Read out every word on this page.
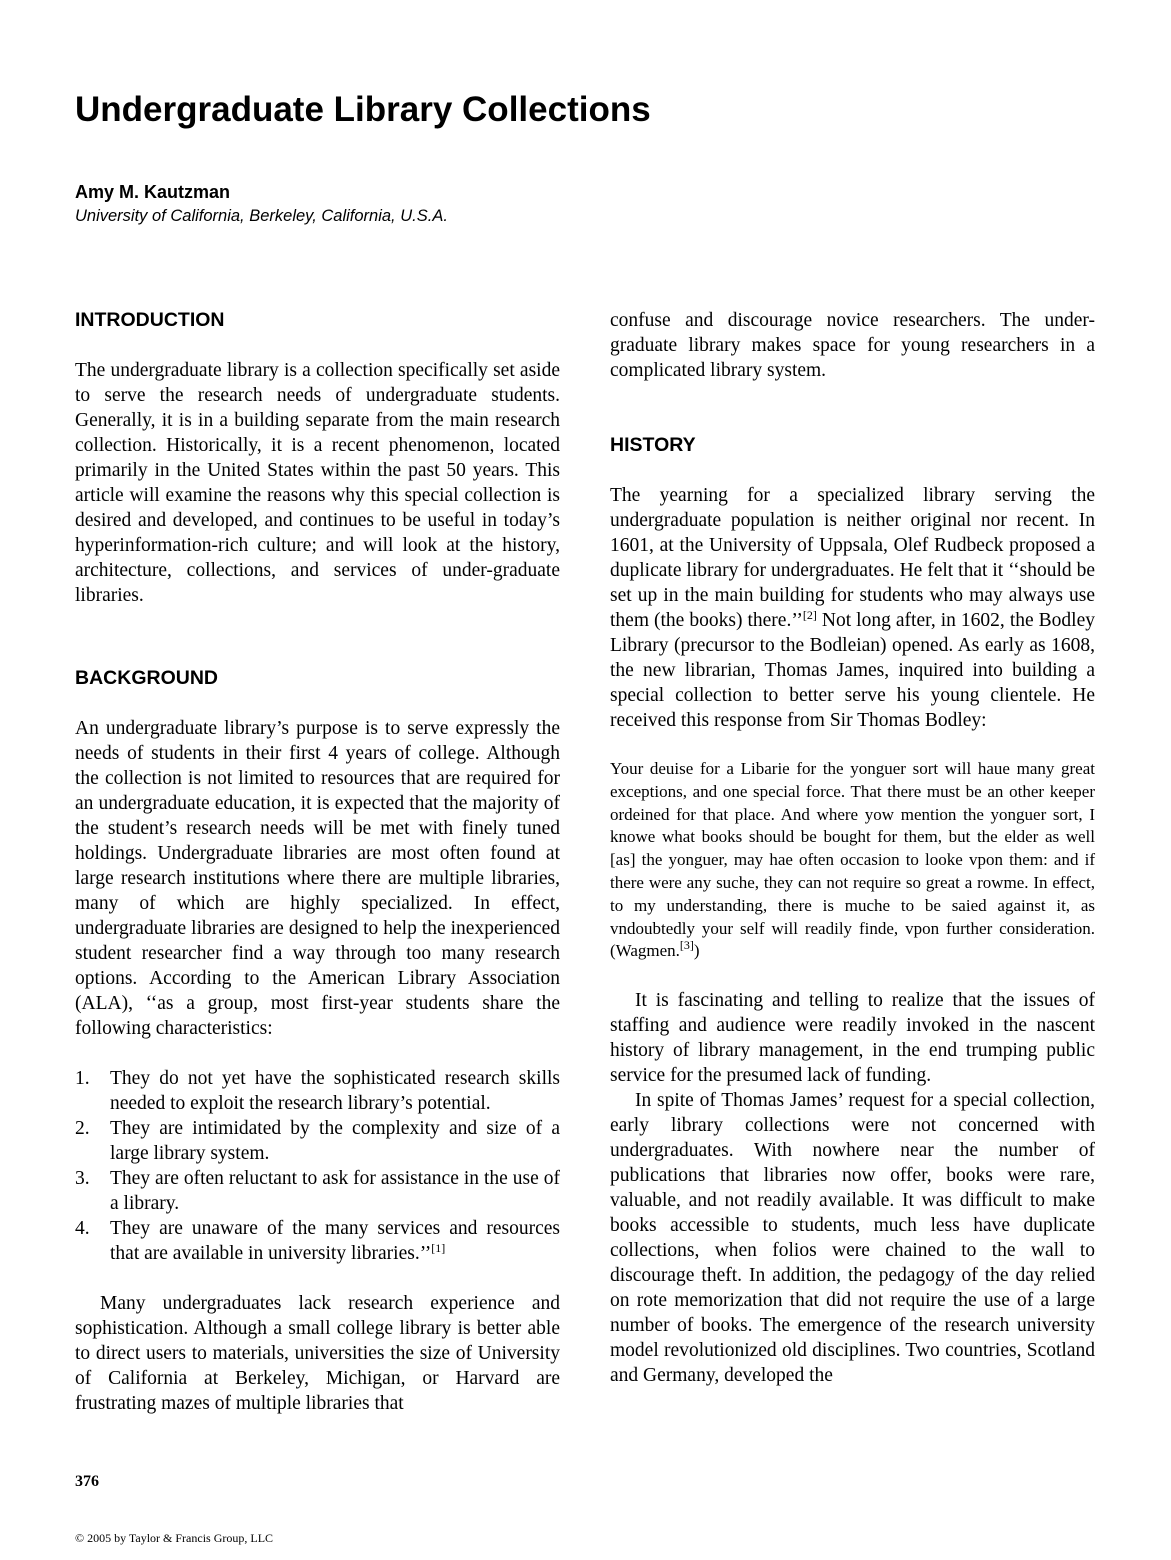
Undergraduate Library Collections
Amy M. Kautzman
University of California, Berkeley, California, U.S.A.
INTRODUCTION

The undergraduate library is a collection specifically set aside to serve the research needs of undergraduate students. Generally, it is in a building separate from the main research collection. Historically, it is a recent phenomenon, located primarily in the United States within the past 50 years. This article will examine the reasons why this special collection is desired and developed, and continues to be useful in today’s hyperinformation-rich culture; and will look at the history, architecture, collections, and services of under-graduate libraries.

BACKGROUND

An undergraduate library’s purpose is to serve expressly the needs of students in their first 4 years of college. Although the collection is not limited to resources that are required for an undergraduate education, it is expected that the majority of the student’s research needs will be met with finely tuned holdings. Undergraduate libraries are most often found at large research institutions where there are multiple libraries, many of which are highly specialized. In effect, undergraduate libraries are designed to help the inexperienced student researcher find a way through too many research options. According to the American Library Association (ALA), ‘‘as a group, most first-year students share the following characteristics:

1.	They do not yet have the sophisticated research skills needed to exploit the research library’s potential.
2.	They are intimidated by the complexity and size of a large library system.
3.	They are often reluctant to ask for assistance in the use of a library.
4.	They are unaware of the many services and resources that are available in university libraries.’’[1]

Many undergraduates lack research experience and sophistication. Although a small college library is better able to direct users to materials, universities the size of University of California at Berkeley, Michigan, or Harvard are frustrating mazes of multiple libraries that

confuse and discourage novice researchers. The under-graduate library makes space for young researchers in a complicated library system.

HISTORY

The yearning for a specialized library serving the undergraduate population is neither original nor recent. In 1601, at the University of Uppsala, Olef Rudbeck proposed a duplicate library for undergraduates. He felt that it ‘‘should be set up in the main building for students who may always use them (the books) there.’’[2] Not long after, in 1602, the Bodley Library (precursor to the Bodleian) opened. As early as 1608, the new librarian, Thomas James, inquired into building a special collection to better serve his young clientele. He received this response from Sir Thomas Bodley:

Your deuise for a Libarie for the yonguer sort will haue many great exceptions, and one special force. That there must be an other keeper ordeined for that place. And where yow mention the yonguer sort, I knowe what books should be bought for them, but the elder as well [as] the yonguer, may hae often occasion to looke vpon them: and if there were any suche, they can not require so great a rowme. In effect, to my understanding, there is muche to be saied against it, as vndoubtedly your self will readily finde, vpon further consideration. (Wagmen.[3])

It is fascinating and telling to realize that the issues of staffing and audience were readily invoked in the nascent history of library management, in the end trumping public service for the presumed lack of funding.

In spite of Thomas James’ request for a special collection, early library collections were not concerned with undergraduates. With nowhere near the number of publications that libraries now offer, books were rare, valuable, and not readily available. It was difficult to make books accessible to students, much less have duplicate collections, when folios were chained to the wall to discourage theft. In addition, the pedagogy of the day relied on rote memorization that did not require the use of a large number of books. The emergence of the research university model revolutionized old disciplines. Two countries, Scotland and Germany, developed the

376
© 2005 by Taylor & Francis Group, LLC
